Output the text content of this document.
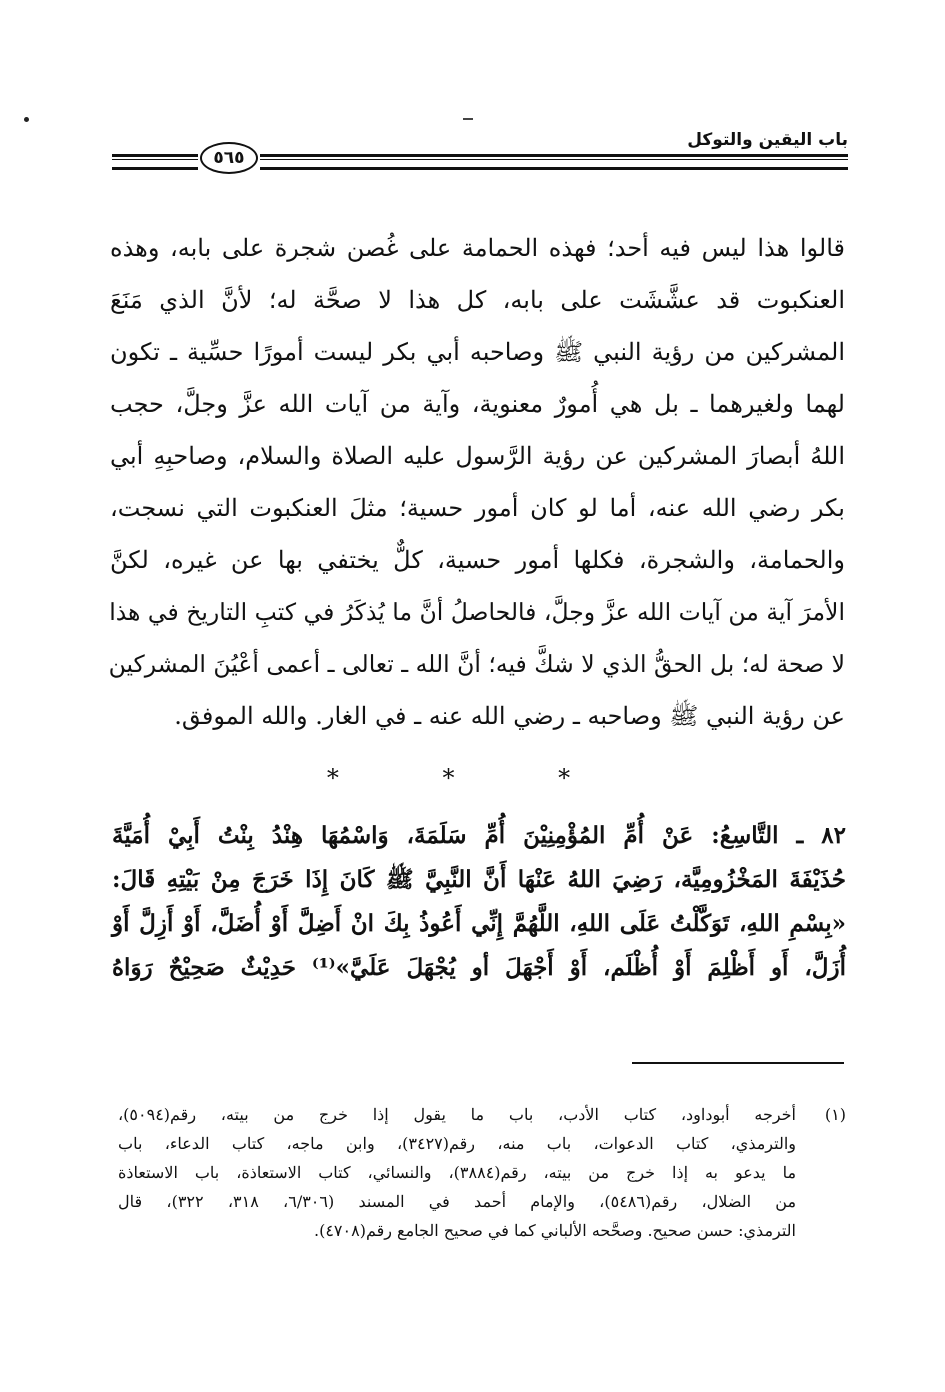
باب اليقين والتوكل
٥٦٥
قالوا هذا ليس فيه أحد؛ فهذه الحمامة على غُصن شجرة على بابه، وهذه
العنكبوت قد عشَّشَت على بابه، كل هذا لا صحَّة له؛ لأنَّ الذي مَنَعَ
المشركين من رؤية النبي ﷺ وصاحبه أبي بكر ليست أمورًا حسِّية ـ تكون
لهما ولغيرهما ـ بل هي أُمورٌ معنوية، وآية من آيات الله عزَّ وجلَّ، حجب
اللهُ أبصارَ المشركين عن رؤية الرَّسول عليه الصلاة والسلام، وصاحبِهِ أبي
بكر رضي الله عنه، أما لو كان أمور حسية؛ مثلَ العنكبوت التي نسجت،
والحمامة، والشجرة، فكلها أمور حسية، كلٌّ يختفي بها عن غيره، لكنَّ
الأمرَ آية من آيات الله عزَّ وجلَّ، فالحاصلُ أنَّ ما يُذكَرُ في كتبِ التاريخ في هذا
لا صحة له؛ بل الحقُّ الذي لا شكَّ فيه؛ أنَّ الله ـ تعالى ـ أعمى أعْيُنَ المشركين
عن رؤية النبي ﷺ وصاحبه ـ رضي الله عنه ـ في الغار. والله الموفق.
* * *
٨٢ ـ التَّاسِعُ: عَنْ أُمِّ المُؤْمِنِيْنَ أُمِّ سَلَمَةَ، وَاسْمُهَا هِنْدُ بِنْتُ أَبِيْ أُمَيَّةَ
حُذَيْفَةَ المَخْزُومِيَّة، رَضِيَ اللهُ عَنْهَا أَنَّ النَّبِيَّ ﷺ كَانَ إِذَا خَرَجَ مِنْ بَيْتِهِ قَالَ:
«بِسْمِ اللهِ، تَوَكَّلْتُ عَلَى اللهِ، اللَّهُمَّ إِنِّي أَعُوذُ بِكَ انْ أَضِلَّ أَوْ أُضَلَّ، أَوْ أَزِلَّ أَوْ
أُزَلَّ، أَو أَظْلِمَ أَوْ أُظْلَم، أَوْ أَجْهَلَ أو يُجْهَلَ عَلَيَّ»⁽¹⁾ حَدِيْثٌ صَحِيْحٌ رَوَاهُ
(١)
أخرجه أبوداود، كتاب الأدب، باب ما يقول إذا خرج من بيته، رقم(٥٠٩٤)،
والترمذي، كتاب الدعوات، باب منه، رقم(٣٤٢٧)، وابن ماجه، كتاب الدعاء، باب
ما يدعو به إذا خرج من بيته، رقم(٣٨٨٤)، والنسائي، كتاب الاستعاذة، باب الاستعاذة
من الضلال، رقم(٥٤٨٦)، والإمام أحمد في المسند (٦/٣٠٦، ٣١٨، ٣٢٢)، قال
الترمذي: حسن صحيح. وصحَّحه الألباني كما في صحيح الجامع رقم(٤٧٠٨).
